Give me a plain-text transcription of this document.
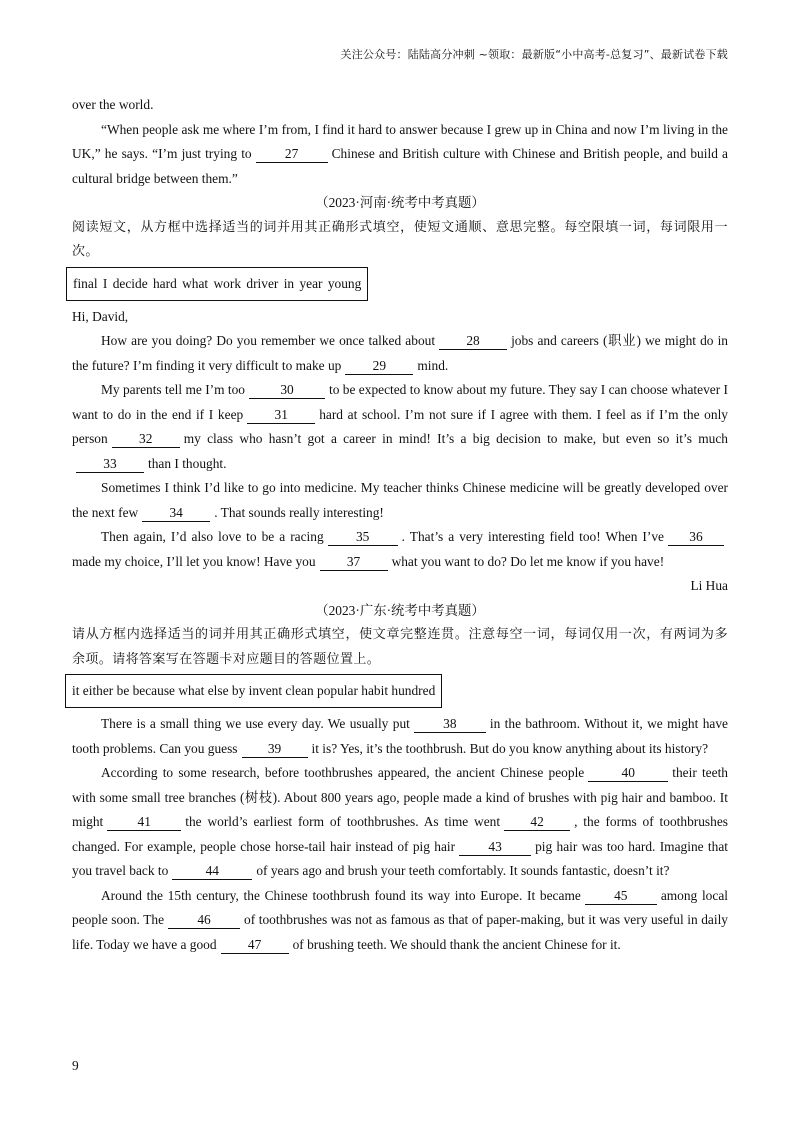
关注公众号：陆陆高分冲刺 ~领取：最新版“小中高考-总复习”、最新试卷下载

over the world.

“When people ask me where I’m from, I find it hard to answer because I grew up in China and now I’m living in the UK,” he says. “I’m just trying to 27 Chinese and British culture with Chinese and British people, and build a cultural bridge between them.”

（2023·河南·统考中考真题）

阅读短文，从方框中选择适当的词并用其正确形式填空，使短文通顺、意思完整。每空限填一词，每词限用一次。

final I decide hard what work driver in year young

Hi, David,

How are you doing? Do you remember we once talked about 28 jobs and careers (职业) we might do in the future? I’m finding it very difficult to make up 29 mind.

My parents tell me I’m too	30	to be expected to know about my future. They say I can choose whatever I want to do in the end if I keep 31 hard at school. I’m not sure if I agree with them. I feel as if I’m the only person 32 my class who hasn’t got a career in mind! It’s a big decision to make, but even so it’s much33 than I thought.

Sometimes I think I’d like to go into medicine. My teacher thinks Chinese medicine will be greatly developed over the next few 34 . That sounds really interesting!

Then again, I’d also love to be a racing 35 . That’s a very interesting field too! When I’ve 36made my choice, I’ll let you know! Have you 37 what you want to do? Do let me know if you have!

Li Hua

（2023·广东·统考中考真题）

请从方框内选择适当的词并用其正确形式填空，使文章完整连贯。注意每空一词，每词仅用一次，有两词为多余项。请将答案写在答题卡对应题目的答题位置上。

it either be because what else by invent clean popular habit hundred

There is a small thing we use every day. We usually put 38 in the bathroom. Without it, we might have tooth problems. Can you guess 39 it is? Yes, it’s the toothbrush. But do you know anything about its history?

According to some research, before toothbrushes appeared, the ancient Chinese people	40	their teeth with some small tree branches (树枝). About 800 years ago, people made a kind of brushes with pig hair and bamboo. It might	41	the world’s earliest form of toothbrushes. As time went 42 , the forms of toothbrushes changed. For example, people chose horse-tail hair instead of pig hair 43 pig hair was too hard. Imagine that you travel back to	44	of years ago and brush your teeth comfortably. It sounds fantastic, doesn’t it?

Around the 15th century, the Chinese toothbrush found its way into Europe. It became 45 among local people soon. The 46 of toothbrushes was not as famous as that of paper-making, but it was very useful in daily life. Today we have a good 47 of brushing teeth. We should thank the ancient Chinese for it.

9
